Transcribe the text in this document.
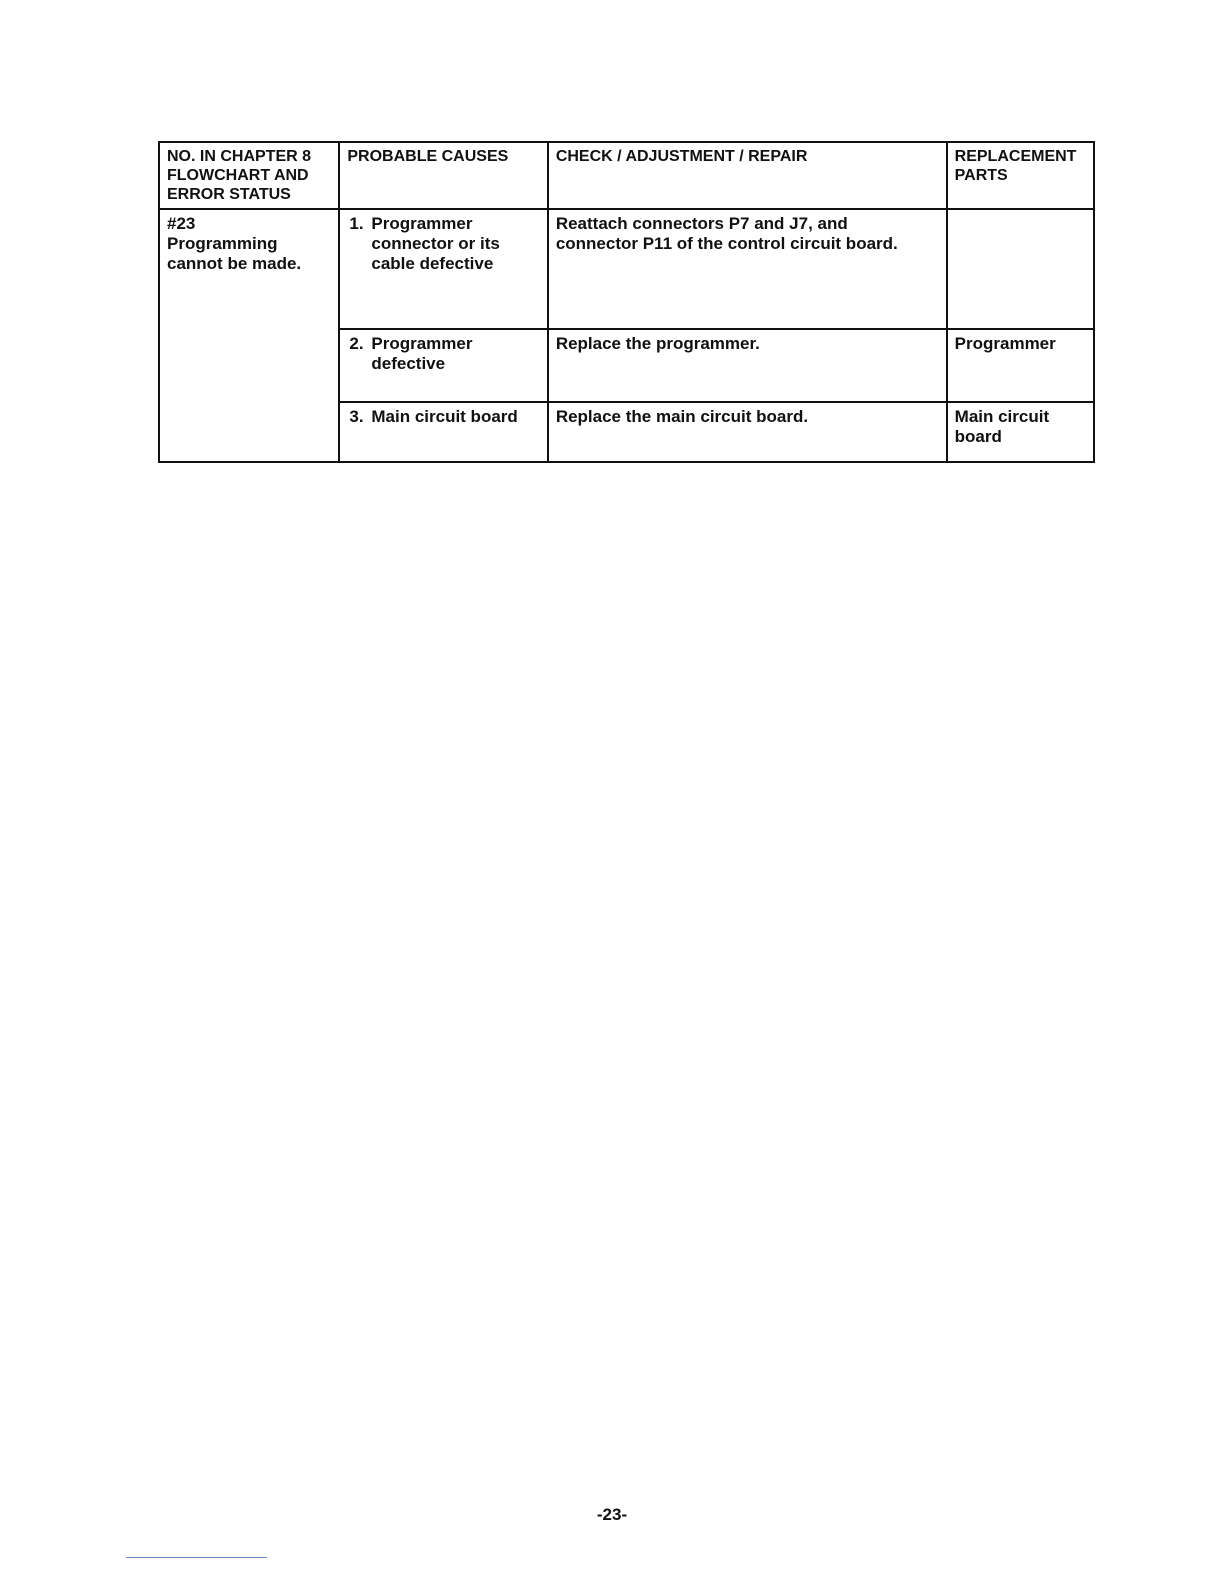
NO. IN CHAPTER 8
FLOWCHART AND
ERROR STATUS	PROBABLE CAUSES	CHECK / ADJUSTMENT / REPAIR	REPLACEMENT
PARTS

#23
Programming
cannot be made.	1. Programmer connector or its cable defective	Reattach connectors P7 and J7, and
connector P11 of the control circuit board.	

	2. Programmer defective	Replace the programmer.	Programmer

	3. Main circuit board	Replace the main circuit board.	Main circuit board
-23-
